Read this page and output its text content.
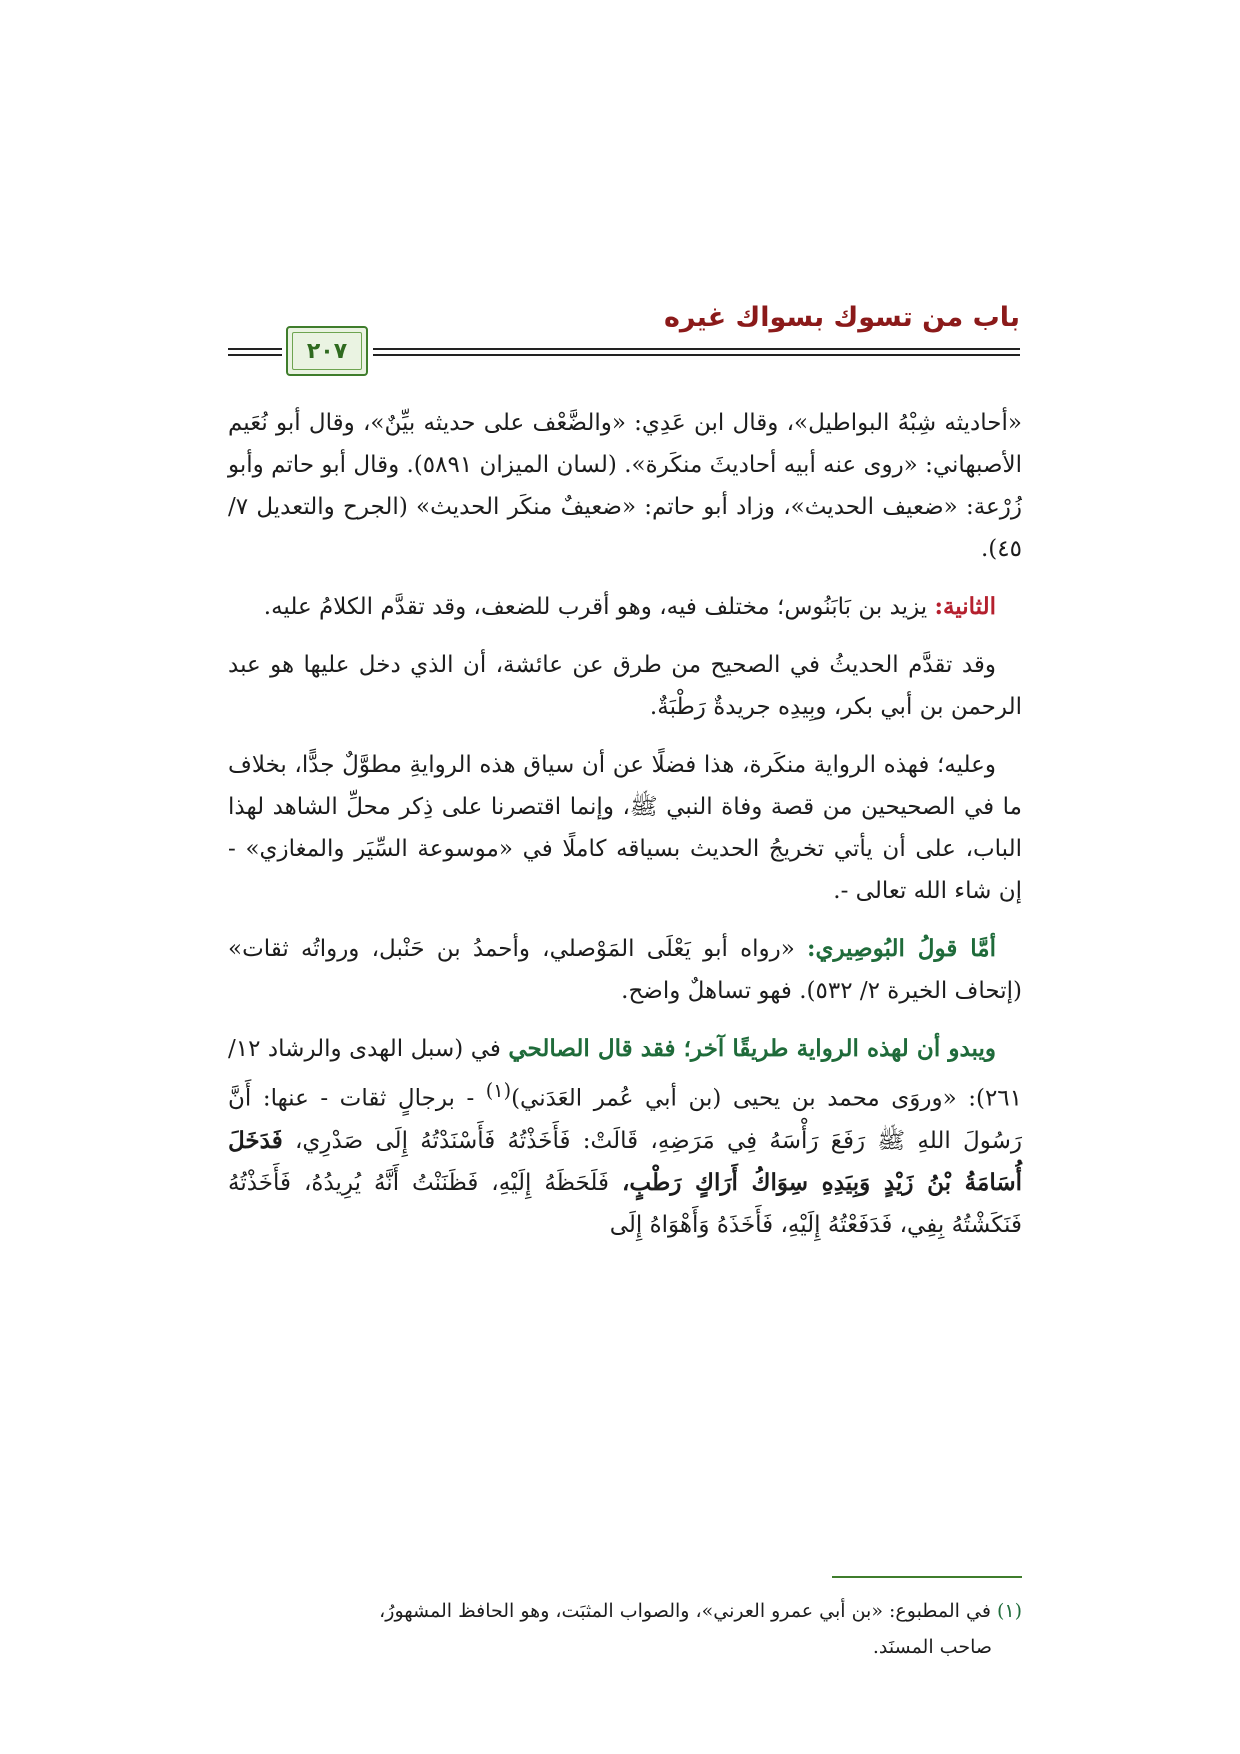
باب من تسوك بسواك غيره
٢٠٧

«أحاديثه شِبْهُ البواطيل»، وقال ابن عَدِي: «والضَّعْف على حديثه بيِّنٌ»، وقال أبو نُعَيم الأصبهاني: «روى عنه أبيه أحاديثَ منكَرة». (لسان الميزان ٥٨٩١). وقال أبو حاتم وأبو زُرْعة: «ضعيف الحديث»، وزاد أبو حاتم: «ضعيفٌ منكَر الحديث» (الجرح والتعديل ٧/ ٤٥).

الثانية: يزيد بن بَابَنُوس؛ مختلف فيه، وهو أقرب للضعف، وقد تقدَّم الكلامُ عليه.

وقد تقدَّم الحديثُ في الصحيح من طرق عن عائشة، أن الذي دخل عليها هو عبد الرحمن بن أبي بكر، وبِيدِه جريدةٌ رَطْبَةٌ.

وعليه؛ فهذه الرواية منكَرة، هذا فضلًا عن أن سياق هذه الروايةِ مطوَّلٌ جدًّا، بخلاف ما في الصحيحين من قصة وفاة النبي ﷺ، وإنما اقتصرنا على ذِكر محلِّ الشاهد لهذا الباب، على أن يأتي تخريجُ الحديث بسياقه كاملًا في «موسوعة السِّيَر والمغازي» - إن شاء الله تعالى -.

أمَّا قولُ البُوصِيري: «رواه أبو يَعْلَى المَوْصلي، وأحمدُ بن حَنْبل، ورواتُه ثقات» (إتحاف الخيرة ٢/ ٥٣٢). فهو تساهلٌ واضح.

ويبدو أن لهذه الرواية طريقًا آخر؛ فقد قال الصالحي في (سبل الهدى والرشاد ١٢/ ٢٦١): «وروَى محمد بن يحيى (بن أبي عُمر العَدَني)$^{(١)}$ - برجالٍ ثقات - عنها: أَنَّ رَسُولَ اللهِ ﷺ رَفَعَ رَأْسَهُ فِي مَرَضِهِ، قَالَتْ: فَأَخَذْتُهُ فَأَسْنَدْتُهُ إِلَى صَدْرِي، فَدَخَلَ أُسَامَةُ بْنُ زَيْدٍ وَبِيَدِهِ سِوَاكُ أَرَاكٍ رَطْبٍ، فَلَحَظَهُ إِلَيْهِ، فَظَنَنْتُ أَنَّهُ يُرِيدُهُ، فَأَخَذْتُهُ فَنَكَشْتُهُ بِفِي، فَدَفَعْتُهُ إِلَيْهِ، فَأَخَذَهُ وَأَهْوَاهُ إِلَى

(١) في المطبوع: «بن أبي عمرو العرني»، والصواب المثبَت، وهو الحافظ المشهورُ،
صاحب المسنَد.
